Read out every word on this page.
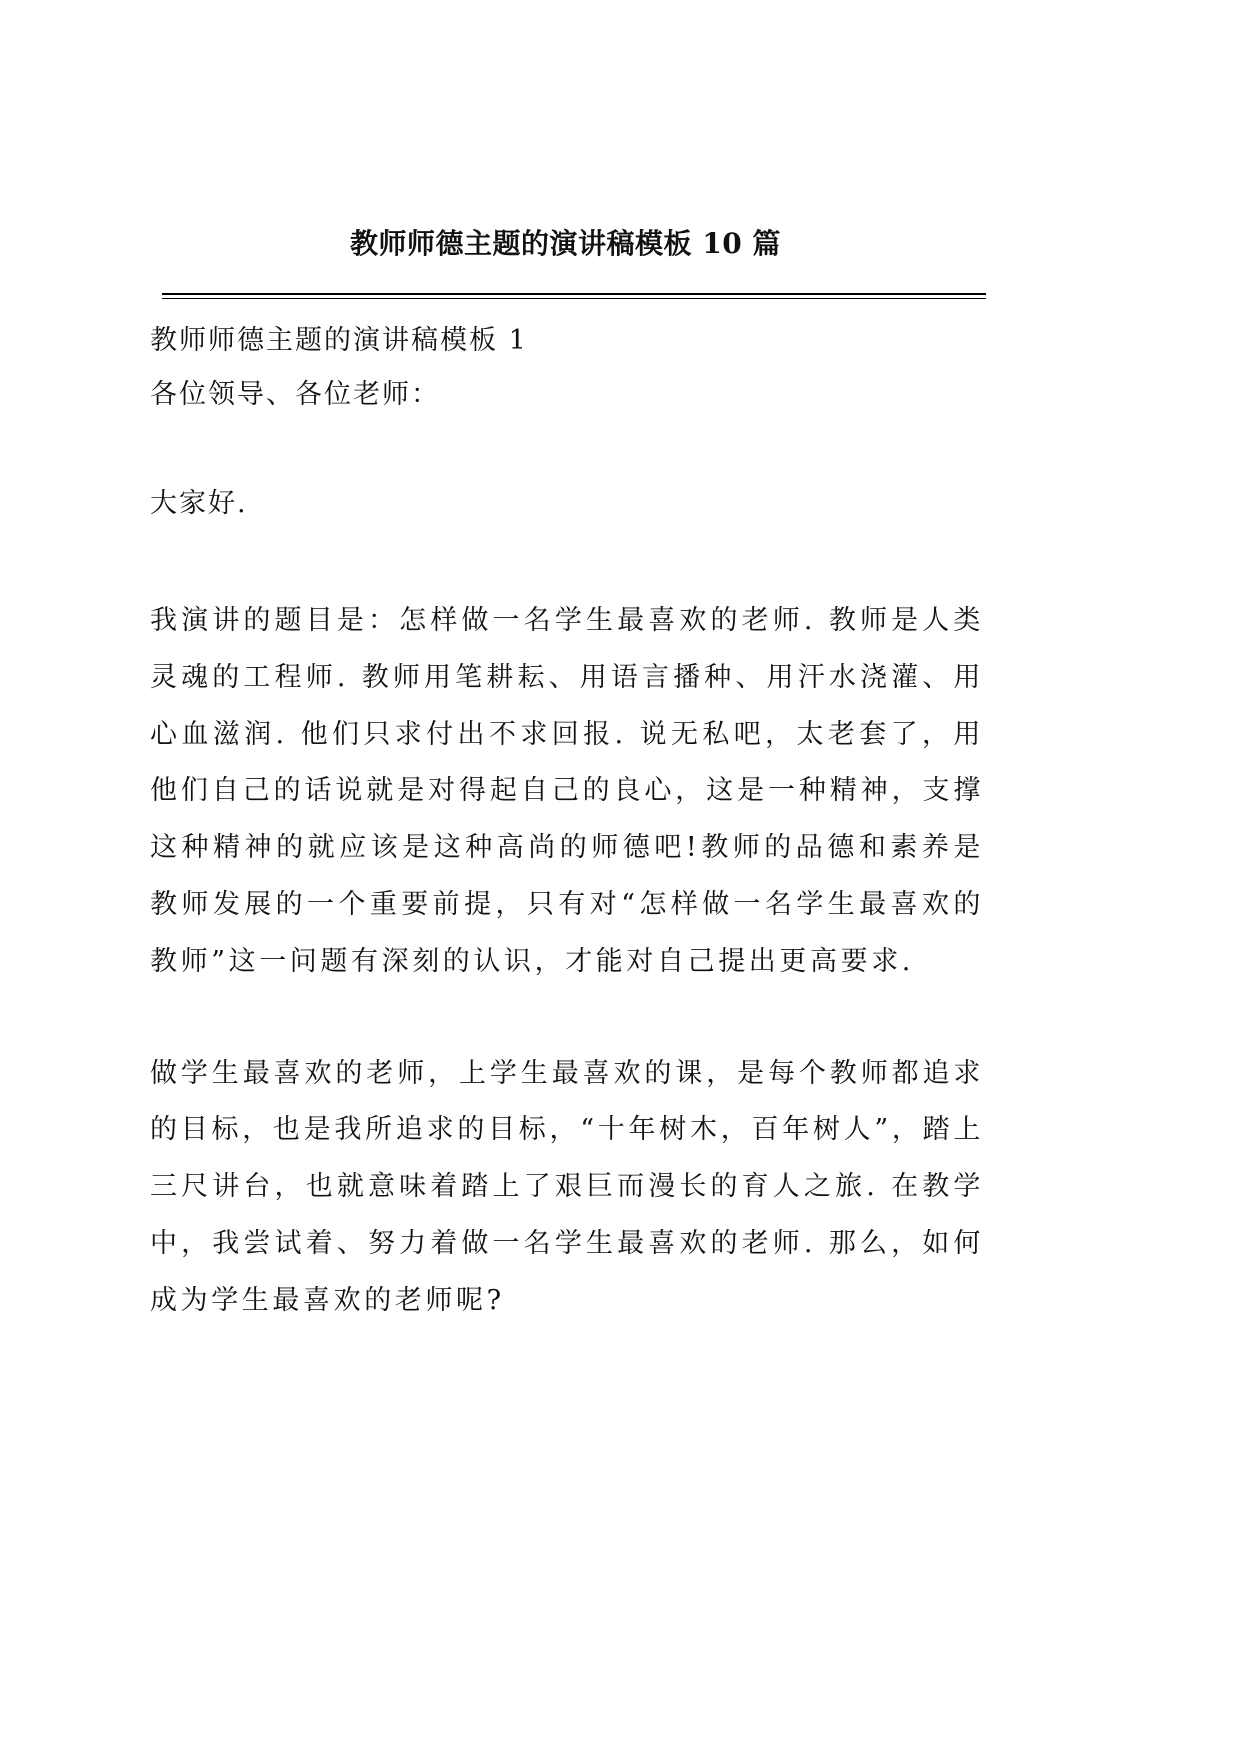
教师师德主题的演讲稿模板 10 篇

教师师德主题的演讲稿模板 1

各位领导、各位老师：

大家好.

我演讲的题目是：怎样做一名学生最喜欢的老师. 教师是人类灵魂的工程师. 教师用笔耕耘、用语言播种、用汗水浇灌、用心血滋润. 他们只求付出不求回报. 说无私吧，太老套了，用他们自己的话说就是对得起自己的良心，这是一种精神，支撑这种精神的就应该是这种高尚的师德吧!教师的品德和素养是教师发展的一个重要前提，只有对“怎样做一名学生最喜欢的教师”这一问题有深刻的认识，才能对自己提出更高要求.

做学生最喜欢的老师，上学生最喜欢的课，是每个教师都追求的目标，也是我所追求的目标，“十年树木，百年树人”，踏上三尺讲台，也就意味着踏上了艰巨而漫长的育人之旅. 在教学中，我尝试着、努力着做一名学生最喜欢的老师. 那么，如何成为学生最喜欢的老师呢?
